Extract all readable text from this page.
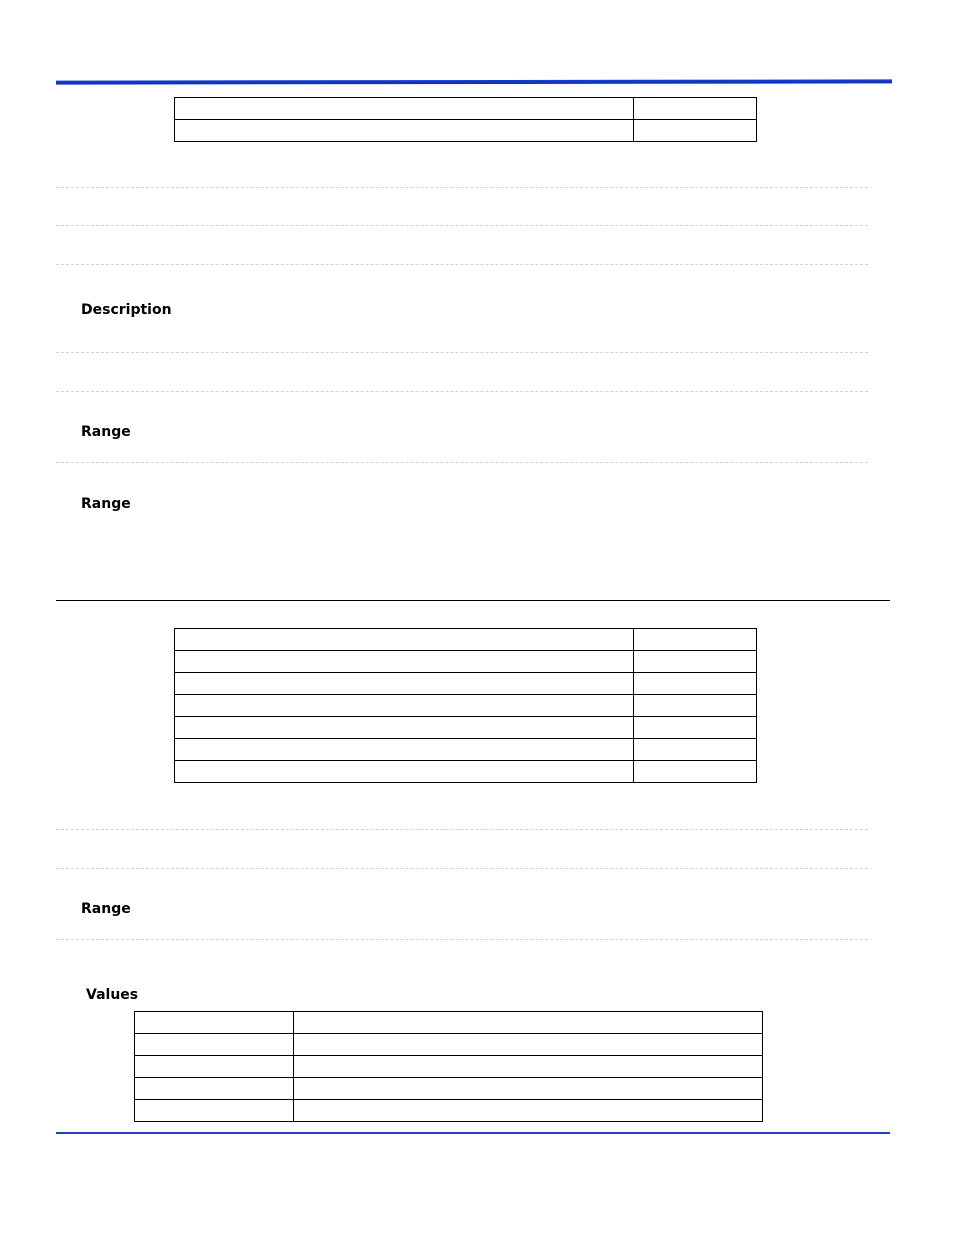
Description
Range
Range

Range
Values
